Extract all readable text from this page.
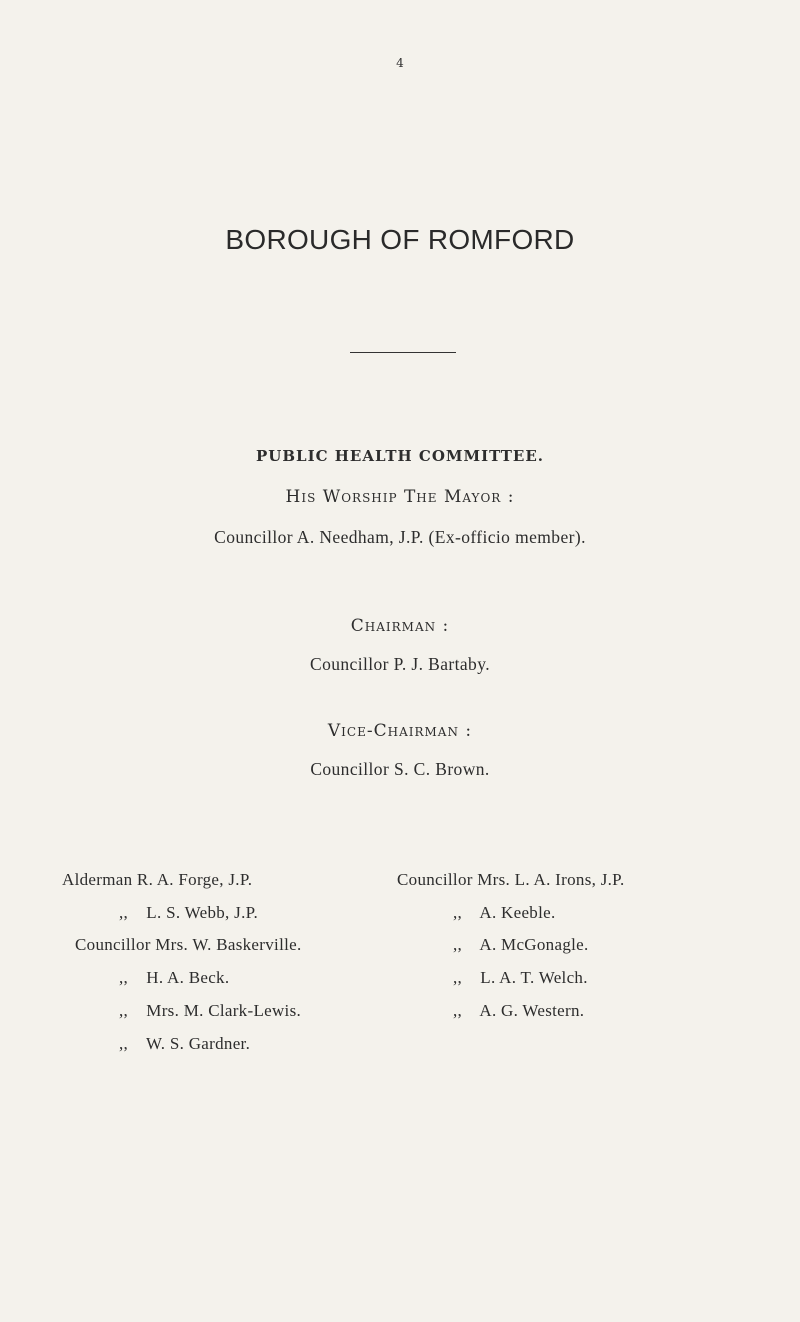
4
BOROUGH OF ROMFORD
PUBLIC HEALTH COMMITTEE.
His Worship The Mayor :
Councillor A. Needham, J.P. (Ex-officio member).
Chairman :
Councillor P. J. Bartaby.
Vice-Chairman :
Councillor S. C. Brown.
Alderman R. A. Forge, J.P.
,,    L. S. Webb, J.P.
Councillor Mrs. W. Baskerville.
,,    H. A. Beck.
,,    Mrs. M. Clark-Lewis.
,,    W. S. Gardner.
Councillor Mrs. L. A. Irons, J.P.
,,    A. Keeble.
,,    A. McGonagle.
,,    L. A. T. Welch.
,,    A. G. Western.
